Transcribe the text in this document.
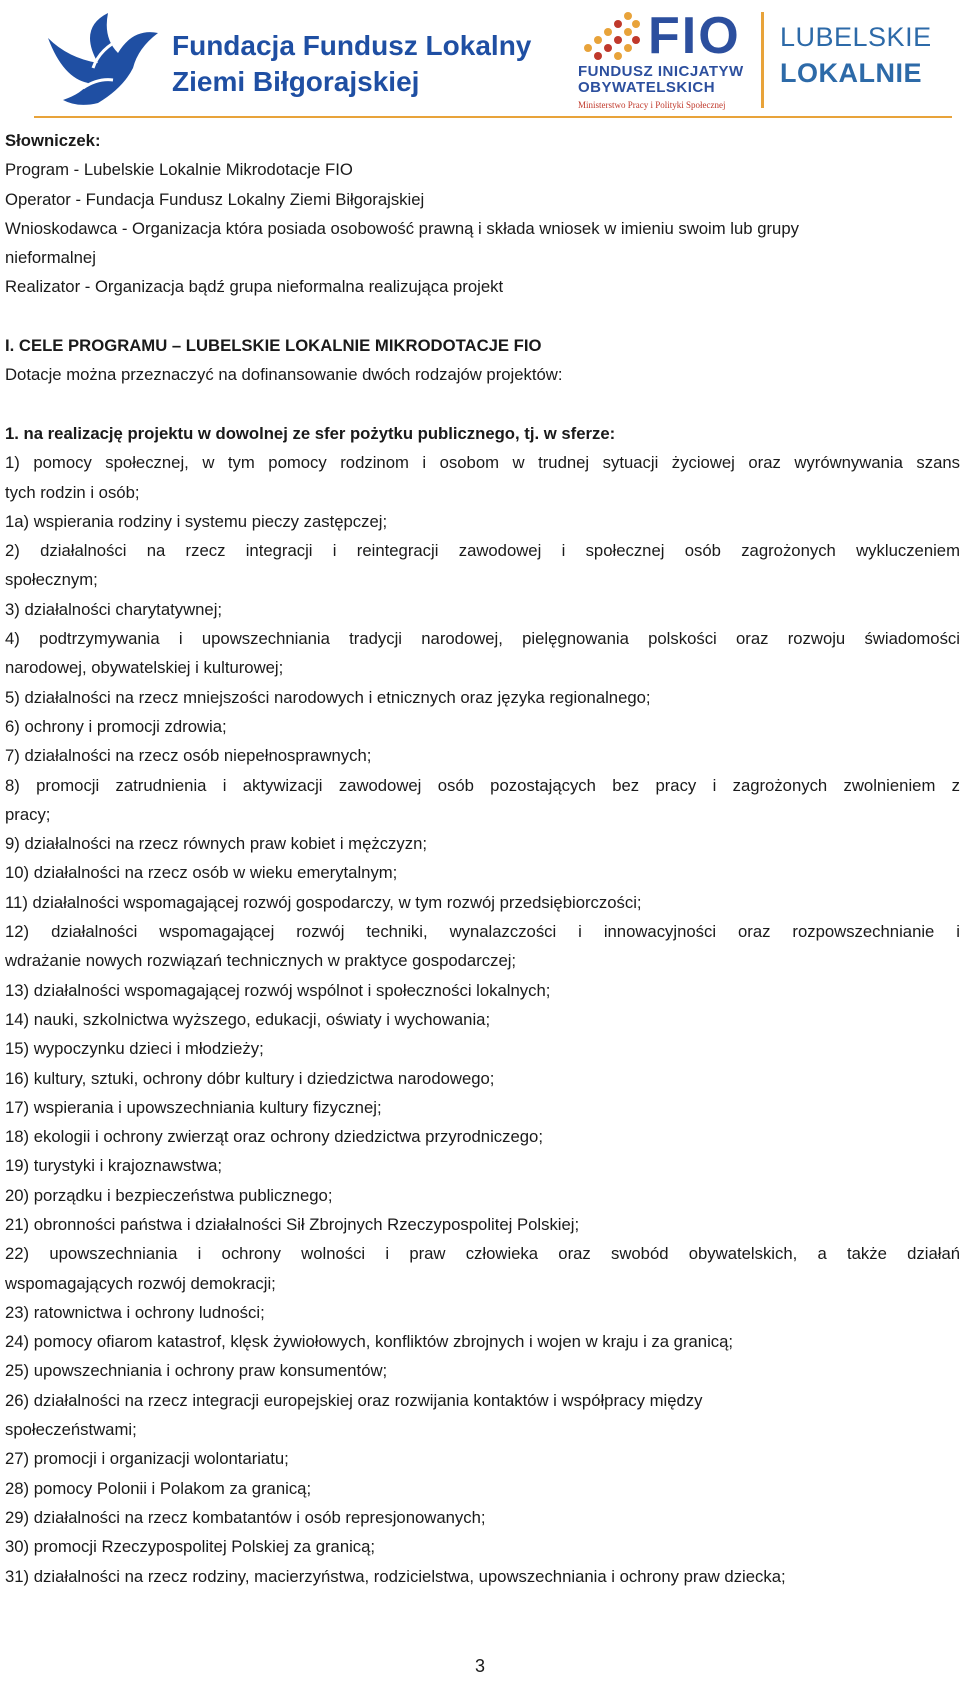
Fundacja Fundusz Lokalny
Ziemi Biłgorajskiej
FIO
FUNDUSZ INICJATYW
OBYWATELSKICH
Ministerstwo Pracy i Polityki Społecznej
LUBELSKIE
LOKALNIE

Słowniczek:

Program - Lubelskie Lokalnie Mikrodotacje FIO

Operator - Fundacja Fundusz Lokalny Ziemi Biłgorajskiej

Wnioskodawca - Organizacja która posiada osobowość prawną i składa wniosek w imieniu swoim lub grupy

nieformalnej

Realizator - Organizacja bądź grupa nieformalna realizująca projekt

I. CELE PROGRAMU – LUBELSKIE LOKALNIE MIKRODOTACJE FIO

Dotacje można przeznaczyć na dofinansowanie dwóch rodzajów projektów:

1. na realizację projektu w dowolnej ze sfer pożytku publicznego, tj. w sferze:

1) pomocy społecznej, w tym pomocy rodzinom i osobom w trudnej sytuacji życiowej oraz wyrównywania szans

tych rodzin i osób;

1a) wspierania rodziny i systemu pieczy zastępczej;

2) działalności na rzecz integracji i reintegracji zawodowej i społecznej osób zagrożonych wykluczeniem

społecznym;

3) działalności charytatywnej;

4) podtrzymywania i upowszechniania tradycji narodowej, pielęgnowania polskości oraz rozwoju świadomości

narodowej, obywatelskiej i kulturowej;

5) działalności na rzecz mniejszości narodowych i etnicznych oraz języka regionalnego;

6) ochrony i promocji zdrowia;

7) działalności na rzecz osób niepełnosprawnych;

8) promocji zatrudnienia i aktywizacji zawodowej osób pozostających bez pracy i zagrożonych zwolnieniem z

pracy;

9) działalności na rzecz równych praw kobiet i mężczyzn;

10) działalności na rzecz osób w wieku emerytalnym;

11) działalności wspomagającej rozwój gospodarczy, w tym rozwój przedsiębiorczości;

12) działalności wspomagającej rozwój techniki, wynalazczości i innowacyjności oraz rozpowszechnianie i

wdrażanie nowych rozwiązań technicznych w praktyce gospodarczej;

13) działalności wspomagającej rozwój wspólnot i społeczności lokalnych;

14) nauki, szkolnictwa wyższego, edukacji, oświaty i wychowania;

15) wypoczynku dzieci i młodzieży;

16) kultury, sztuki, ochrony dóbr kultury i dziedzictwa narodowego;

17) wspierania i upowszechniania kultury fizycznej;

18) ekologii i ochrony zwierząt oraz ochrony dziedzictwa przyrodniczego;

19) turystyki i krajoznawstwa;

20) porządku i bezpieczeństwa publicznego;

21) obronności państwa i działalności Sił Zbrojnych Rzeczypospolitej Polskiej;

22) upowszechniania i ochrony wolności i praw człowieka oraz swobód obywatelskich, a także działań

wspomagających rozwój demokracji;

23) ratownictwa i ochrony ludności;

24) pomocy ofiarom katastrof, klęsk żywiołowych, konfliktów zbrojnych i wojen w kraju i za granicą;

25) upowszechniania i ochrony praw konsumentów;

26) działalności na rzecz integracji europejskiej oraz rozwijania kontaktów i współpracy między

społeczeństwami;

27) promocji i organizacji wolontariatu;

28) pomocy Polonii i Polakom za granicą;

29) działalności na rzecz kombatantów i osób represjonowanych;

30) promocji Rzeczypospolitej Polskiej za granicą;

31) działalności na rzecz rodziny, macierzyństwa, rodzicielstwa, upowszechniania i ochrony praw dziecka;

3
